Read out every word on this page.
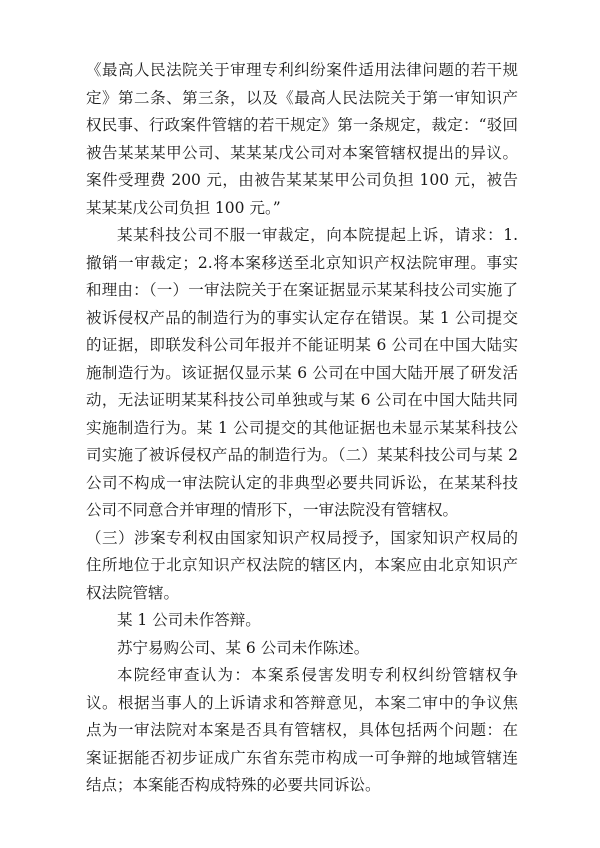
《最高人民法院关于审理专利纠纷案件适用法律问题的若干规定》第二条、第三条，以及《最高人民法院关于第一审知识产权民事、行政案件管辖的若干规定》第一条规定，裁定：“驳回被告某某某甲公司、某某某戊公司对本案管辖权提出的异议。案件受理费 200 元，由被告某某某甲公司负担 100 元，被告某某某戊公司负担 100 元。”

某某科技公司不服一审裁定，向本院提起上诉，请求：1.撤销一审裁定；2.将本案移送至北京知识产权法院审理。事实和理由：（一）一审法院关于在案证据显示某某科技公司实施了被诉侵权产品的制造行为的事实认定存在错误。某 1 公司提交的证据，即联发科公司年报并不能证明某 6 公司在中国大陆实施制造行为。该证据仅显示某 6 公司在中国大陆开展了研发活动，无法证明某某科技公司单独或与某 6 公司在中国大陆共同实施制造行为。某 1 公司提交的其他证据也未显示某某科技公司实施了被诉侵权产品的制造行为。（二）某某科技公司与某 2 公司不构成一审法院认定的非典型必要共同诉讼，在某某科技公司不同意合并审理的情形下，一审法院没有管辖权。

（三）涉案专利权由国家知识产权局授予，国家知识产权局的住所地位于北京知识产权法院的辖区内，本案应由北京知识产权法院管辖。

某 1 公司未作答辩。

苏宁易购公司、某 6 公司未作陈述。

本院经审查认为：本案系侵害发明专利权纠纷管辖权争议。根据当事人的上诉请求和答辩意见，本案二审中的争议焦点为一审法院对本案是否具有管辖权，具体包括两个问题：在案证据能否初步证成广东省东莞市构成一可争辩的地域管辖连结点；本案能否构成特殊的必要共同诉讼。
